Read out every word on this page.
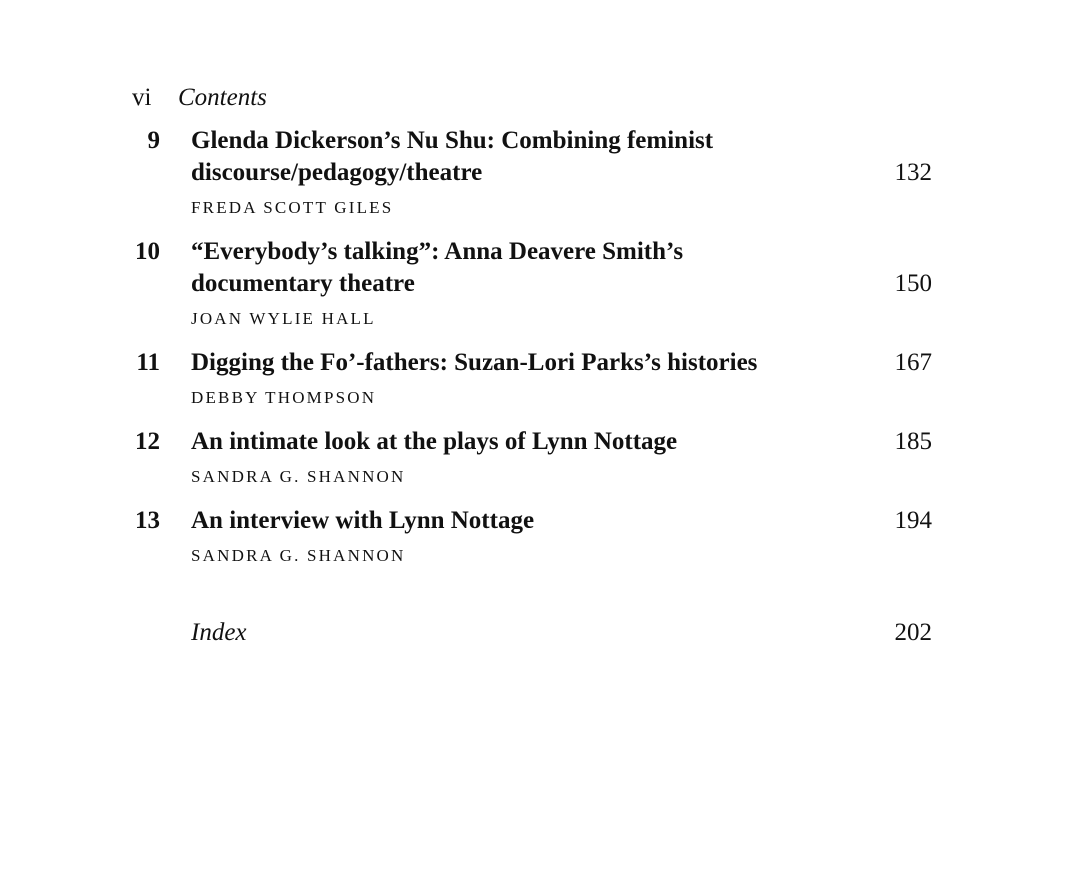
vi Contents
9 Glenda Dickerson’s Nu Shu: Combining feminist
discourse/pedagogy/theatre	132
FREDA SCOTT GILES
10 “Everybody’s talking”: Anna Deavere Smith’s
documentary theatre	150
JOAN WYLIE HALL
11 Digging the Fo’-fathers: Suzan-Lori Parks’s histories	167
DEBBY THOMPSON
12 An intimate look at the plays of Lynn Nottage	185
SANDRA G. SHANNON
13 An interview with Lynn Nottage	194
SANDRA G. SHANNON
Index	202
